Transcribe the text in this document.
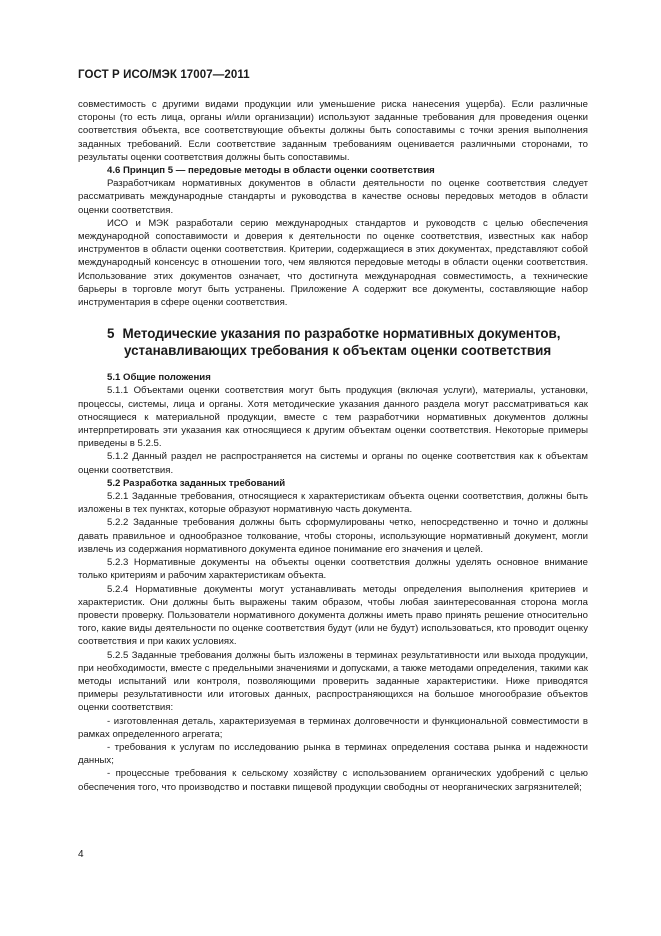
ГОСТ Р ИСО/МЭК 17007—2011

совместимость с другими видами продукции или уменьшение риска нанесения ущерба). Если различные стороны (то есть лица, органы и/или организации) используют заданные требования для проведения оценки соответствия объекта, все соответствующие объекты должны быть сопоставимы с точки зрения выполнения заданных требований. Если соответствие заданным требованиям оценивается различными сторонами, то результаты оценки соответствия должны быть сопоставимы.

4.6 Принцип 5 — передовые методы в области оценки соответствия

Разработчикам нормативных документов в области деятельности по оценке соответствия следует рассматривать международные стандарты и руководства в качестве основы передовых методов в области оценки соответствия.

ИСО и МЭК разработали серию международных стандартов и руководств с целью обеспечения международной сопоставимости и доверия к деятельности по оценке соответствия, известных как набор инструментов в области оценки соответствия. Критерии, содержащиеся в этих документах, представляют собой международный консенсус в отношении того, чем являются передовые методы в области оценки соответствия. Использование этих документов означает, что достигнута международная совместимость, а технические барьеры в торговле могут быть устранены. Приложение А содержит все документы, составляющие набор инструментария в сфере оценки соответствия.

5 Методические указания по разработке нормативных документов,
устанавливающих требования к объектам оценки соответствия

5.1 Общие положения

5.1.1 Объектами оценки соответствия могут быть продукция (включая услуги), материалы, установки, процессы, системы, лица и органы. Хотя методические указания данного раздела могут рассматриваться как относящиеся к материальной продукции, вместе с тем разработчики нормативных документов должны интерпретировать эти указания как относящиеся к другим объектам оценки соответствия. Некоторые примеры приведены в 5.2.5.

5.1.2 Данный раздел не распространяется на системы и органы по оценке соответствия как к объектам оценки соответствия.

5.2 Разработка заданных требований

5.2.1 Заданные требования, относящиеся к характеристикам объекта оценки соответствия, должны быть изложены в тех пунктах, которые образуют нормативную часть документа.

5.2.2 Заданные требования должны быть сформулированы четко, непосредственно и точно и должны давать правильное и однообразное толкование, чтобы стороны, использующие нормативный документ, могли извлечь из содержания нормативного документа единое понимание его значения и целей.

5.2.3 Нормативные документы на объекты оценки соответствия должны уделять основное внимание только критериям и рабочим характеристикам объекта.

5.2.4 Нормативные документы могут устанавливать методы определения выполнения критериев и характеристик. Они должны быть выражены таким образом, чтобы любая заинтересованная сторона могла провести проверку. Пользователи нормативного документа должны иметь право принять решение относительно того, какие виды деятельности по оценке соответствия будут (или не будут) использоваться, кто проводит оценку соответствия и при каких условиях.

5.2.5 Заданные требования должны быть изложены в терминах результативности или выхода продукции, при необходимости, вместе с предельными значениями и допусками, а также методами определения, такими как методы испытаний или контроля, позволяющими проверить заданные характеристики. Ниже приводятся примеры результативности или итоговых данных, распространяющихся на большое многообразие объектов оценки соответствия:

- изготовленная деталь, характеризуемая в терминах долговечности и функциональной совместимости в рамках определенного агрегата;

- требования к услугам по исследованию рынка в терминах определения состава рынка и надежности данных;

- процессные требования к сельскому хозяйству с использованием органических удобрений с целью обеспечения того, что производство и поставки пищевой продукции свободны от неорганических загрязнителей;

4
